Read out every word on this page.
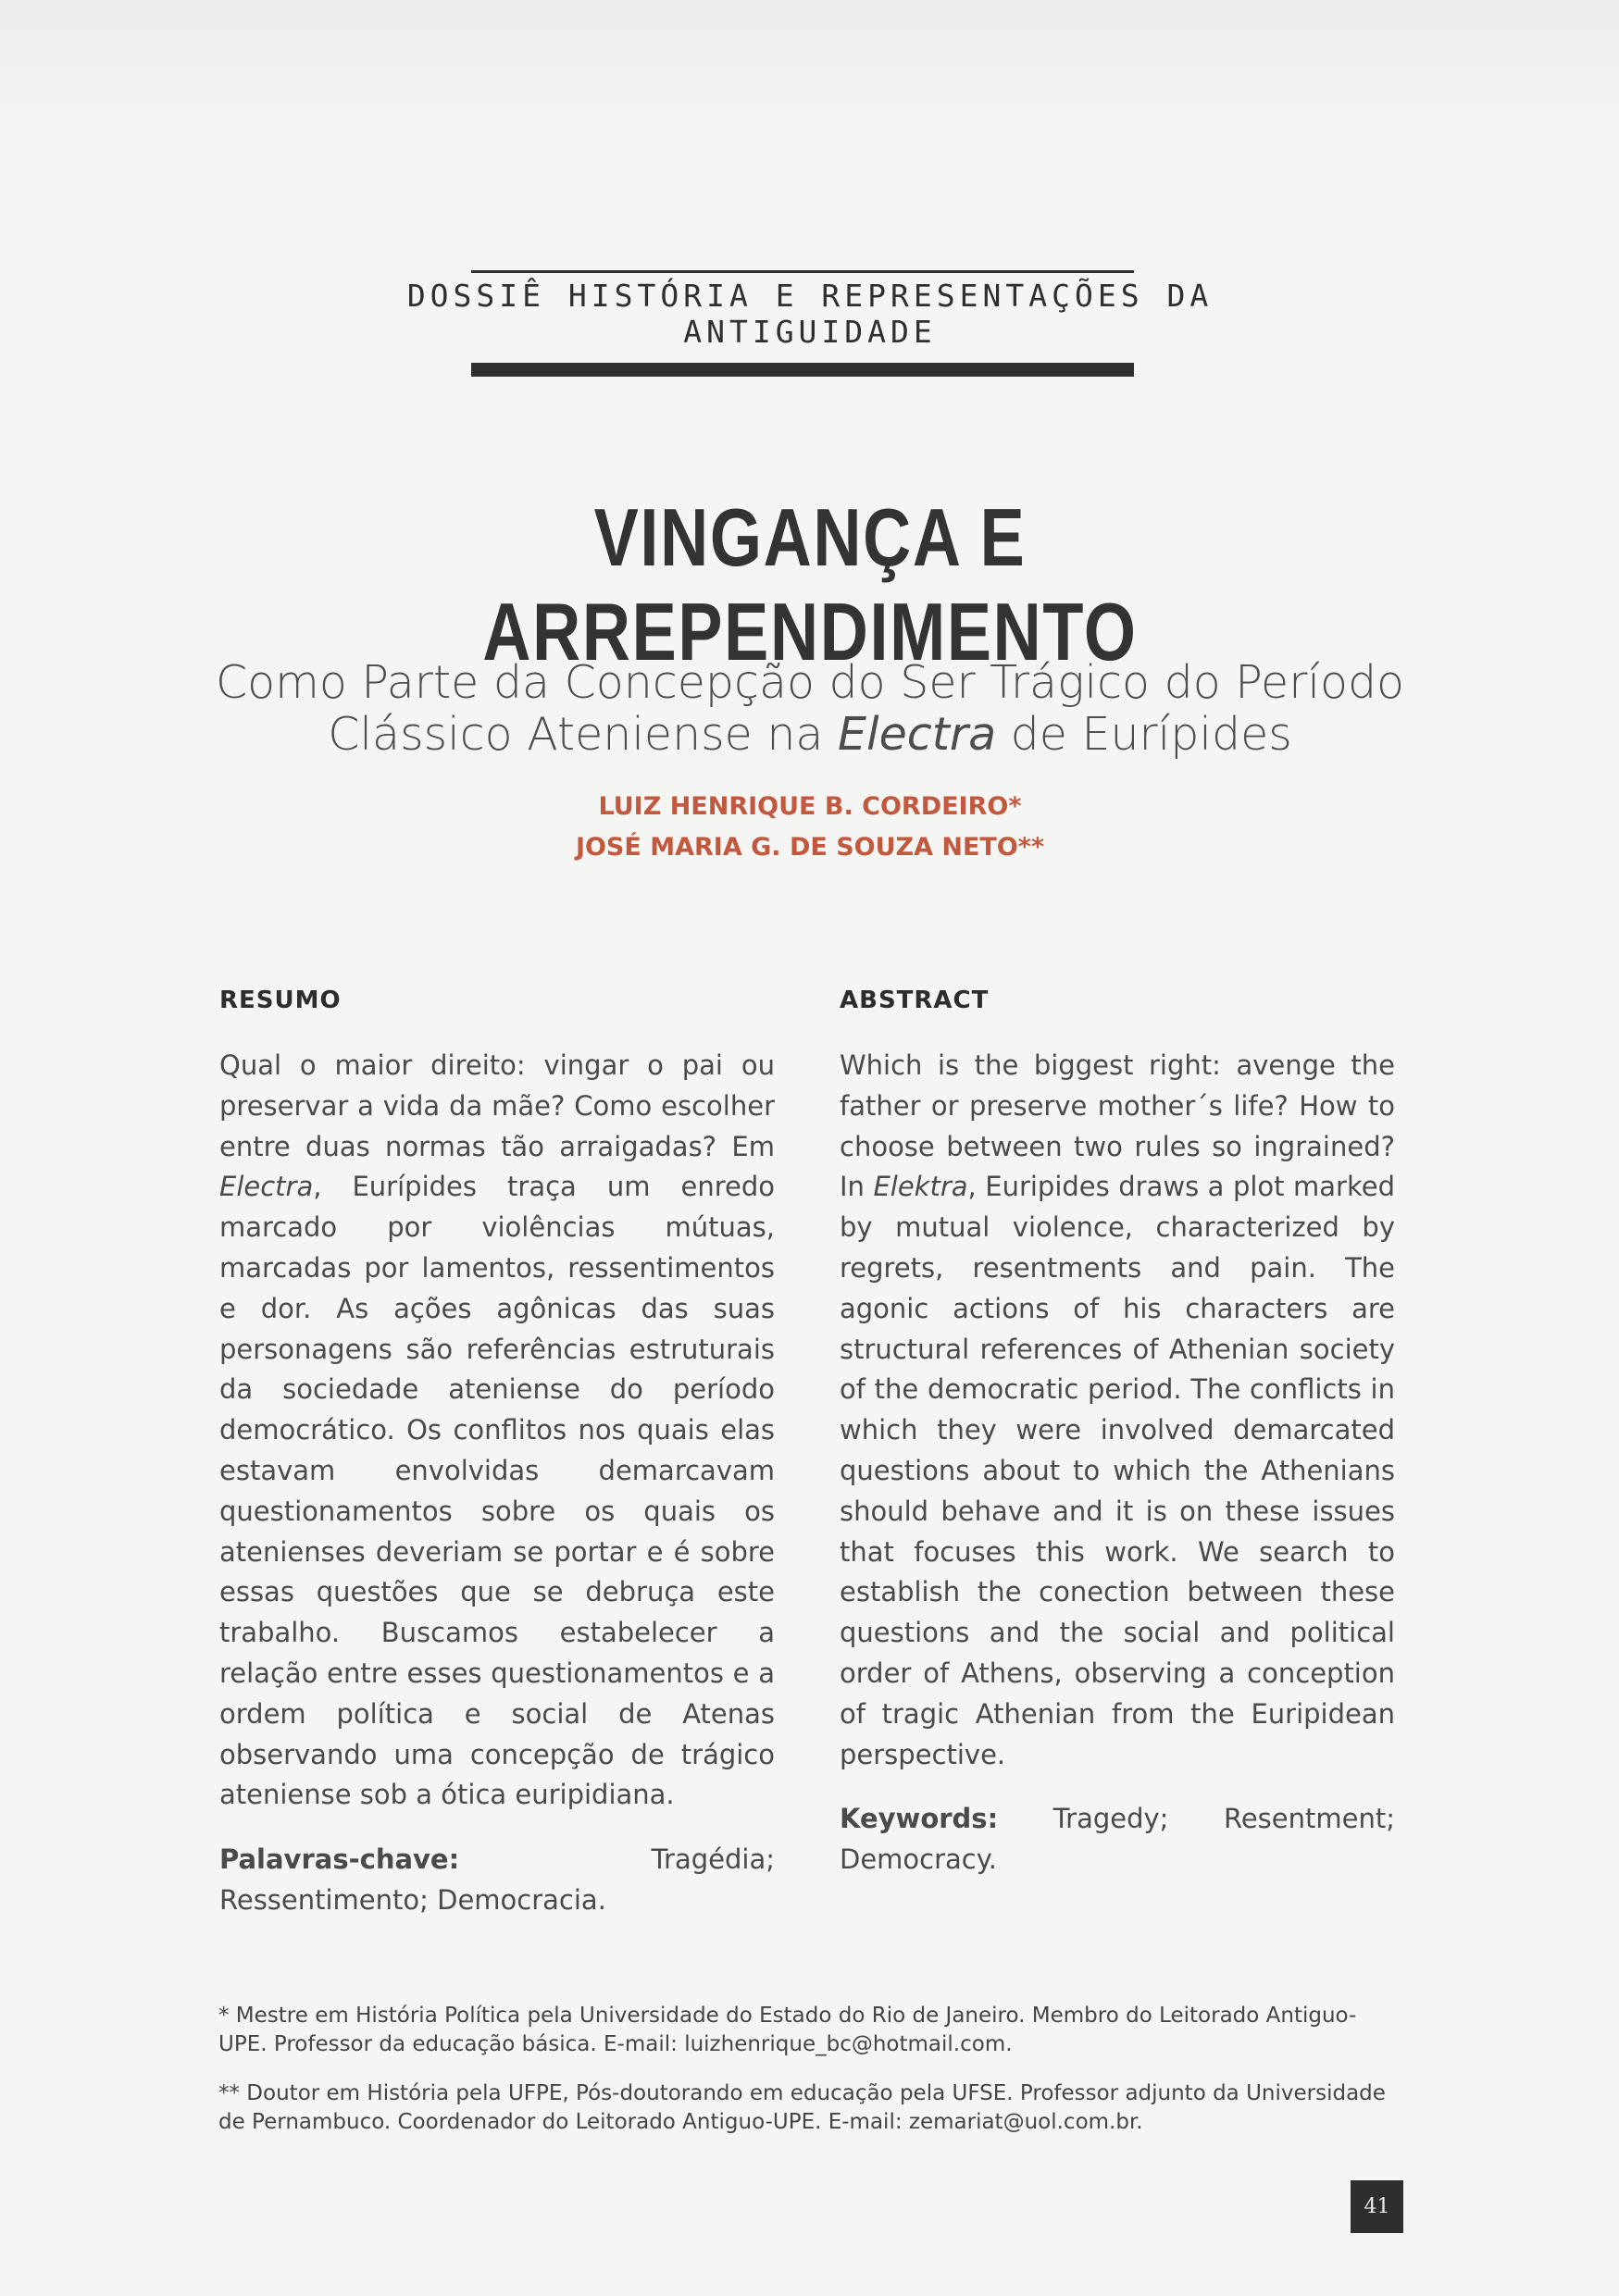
DOSSIÊ HISTÓRIA E REPRESENTAÇÕES DA ANTIGUIDADE
VINGANÇA E ARREPENDIMENTO
Como Parte da Concepção do Ser Trágico do Período
Clássico Ateniense na Electra de Eurípides
LUIZ HENRIQUE B. CORDEIRO*
JOSÉ MARIA G. DE SOUZA NETO**
RESUMO

Qual o maior direito: vingar o pai ou preservar a vida da mãe? Como escolher entre duas normas tão arraigadas? Em Electra, Eurípides traça um enredo marcado por violências mútuas, marcadas por lamentos, ressentimentos e dor. As ações agônicas das suas personagens são referências estruturais da sociedade ateniense do período democrático. Os conflitos nos quais elas estavam envolvidas demarcavam questionamentos sobre os quais os atenienses deveriam se portar e é sobre essas questões que se debruça este trabalho. Buscamos estabelecer a relação entre esses questionamentos e a ordem política e social de Atenas observando uma concepção de trágico ateniense sob a ótica euripidiana.

Palavras-chave: Tragédia; Ressentimento; Democracia.

ABSTRACT

Which is the biggest right: avenge the father or preserve mother´s life? How to choose between two rules so ingrained? In Elektra, Euripides draws a plot marked by mutual violence, characterized by regrets, resentments and pain. The agonic actions of his characters are structural references of Athenian society of the democratic period. The conflicts in which they were involved demarcated questions about to which the Athenians should behave and it is on these issues that focuses this work. We search to establish the conection between these questions and the social and political order of Athens, observing a conception of tragic Athenian from the Euripidean perspective.

Keywords: Tragedy; Resentment; Democracy.

* Mestre em História Política pela Universidade do Estado do Rio de Janeiro. Membro do Leitorado Antiguo-UPE. Professor da educação básica. E-mail: luizhenrique_bc@hotmail.com.

** Doutor em História pela UFPE, Pós-doutorando em educação pela UFSE. Professor adjunto da Universidade de Pernambuco. Coordenador do Leitorado Antiguo-UPE. E-mail: zemariat@uol.com.br.

41
